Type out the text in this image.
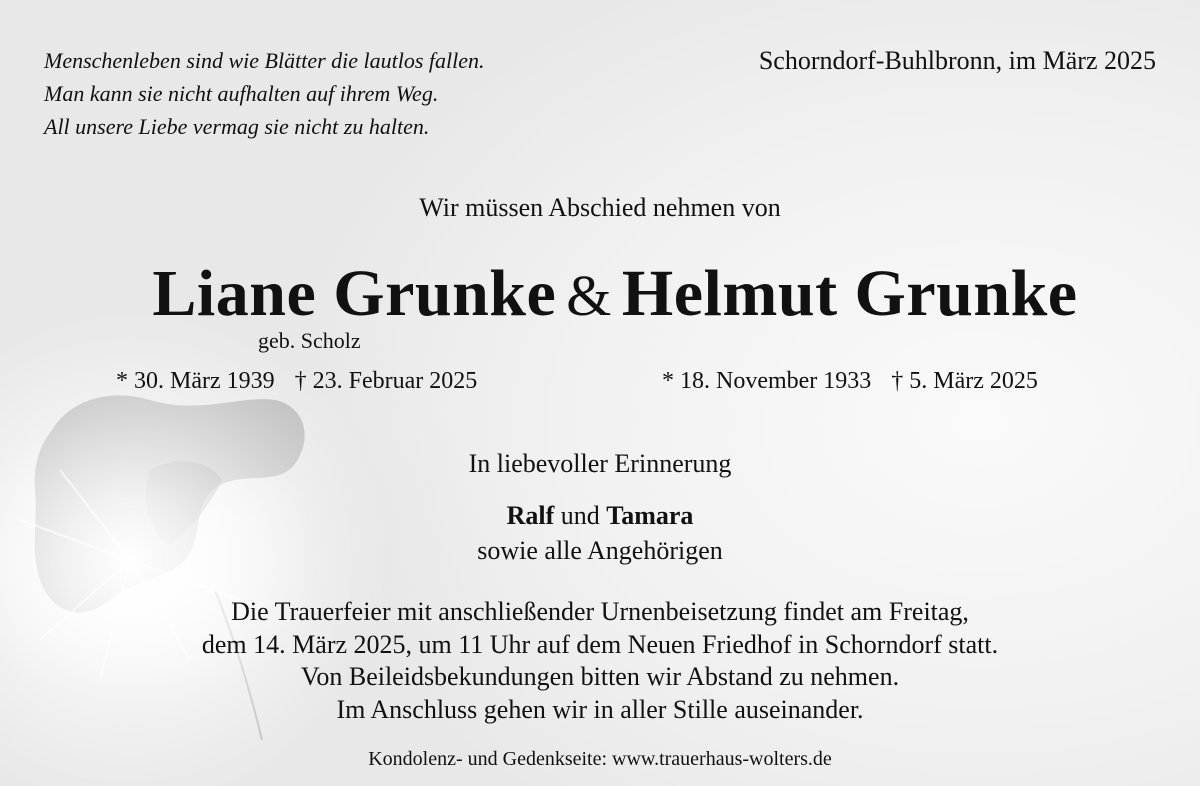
Menschenleben sind wie Blätter die lautlos fallen.
Man kann sie nicht aufhalten auf ihrem Weg.
All unsere Liebe vermag sie nicht zu halten.
Schorndorf-Buhlbronn, im März 2025
Wir müssen Abschied nehmen von
Liane Grunke & Helmut Grunke
geb. Scholz
* 30. März 1939 † 23. Februar 2025	* 18. November 1933 † 5. März 2025
In liebevoller Erinnerung
Ralf und Tamara
sowie alle Angehörigen
Die Trauerfeier mit anschließender Urnenbeisetzung findet am Freitag,
dem 14. März 2025, um 11 Uhr auf dem Neuen Friedhof in Schorndorf statt.
Von Beileidsbekundungen bitten wir Abstand zu nehmen.
Im Anschluss gehen wir in aller Stille auseinander.
Kondolenz- und Gedenkseite: www.trauerhaus-wolters.de
